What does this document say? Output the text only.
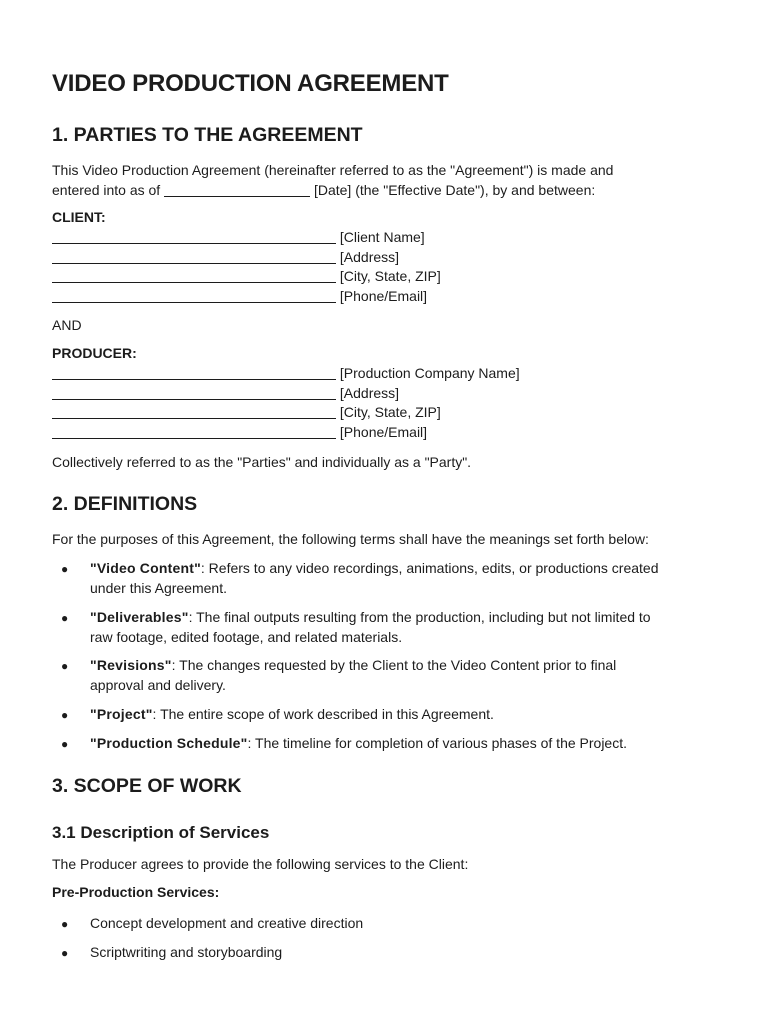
VIDEO PRODUCTION AGREEMENT
1. PARTIES TO THE AGREEMENT

This Video Production Agreement (hereinafter referred to as the "Agreement") is made and

entered into as of	[Date] (the "Effective Date"), by and between:

CLIENT:

[Client Name]
[Address]
[City, State, ZIP]
[Phone/Email]

AND

PRODUCER:

[Production Company Name]
[Address]
[City, State, ZIP]
[Phone/Email]

Collectively referred to as the "Parties" and individually as a "Party".

2. DEFINITIONS

For the purposes of this Agreement, the following terms shall have the meanings set forth below:

● "Video Content": Refers to any video recordings, animations, edits, or productions created
under this Agreement.
● "Deliverables": The final outputs resulting from the production, including but not limited to
raw footage, edited footage, and related materials.
● "Revisions": The changes requested by the Client to the Video Content prior to final
approval and delivery.
● "Project": The entire scope of work described in this Agreement.
● "Production Schedule": The timeline for completion of various phases of the Project.
3. SCOPE OF WORK
3.1 Description of Services

The Producer agrees to provide the following services to the Client:

Pre-Production Services:

● Concept development and creative direction
● Scriptwriting and storyboarding
